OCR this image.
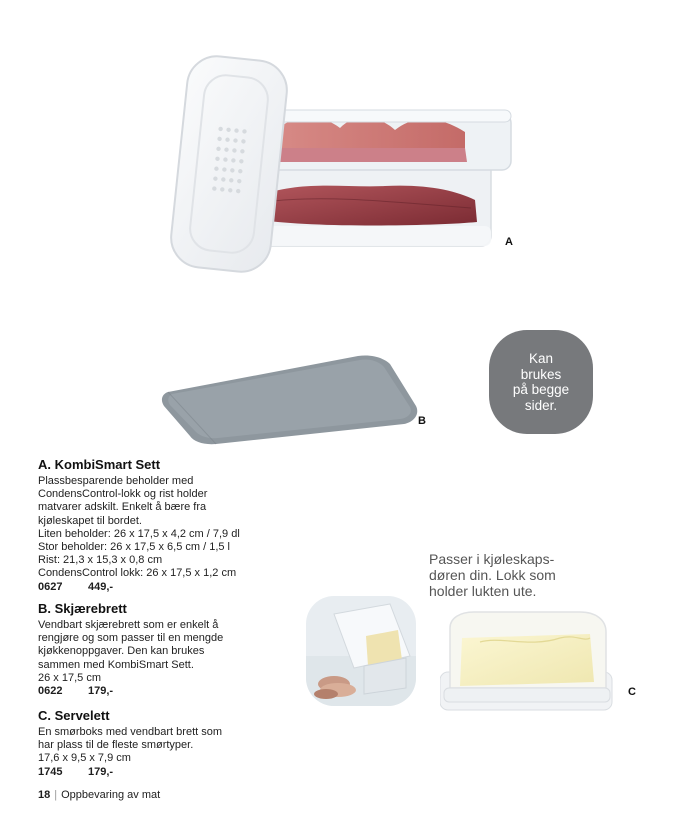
A
B
Kan
brukes
på begge
sider.
Passer i kjøleskaps-
døren din. Lokk som
holder lukten ute.
C
A. KombiSmart Sett
Plassbesparende beholder med
CondensControl-lokk og rist holder
matvarer adskilt. Enkelt å bære fra
kjøleskapet til bordet.
Liten beholder: 26 x 17,5 x 4,2 cm / 7,9 dl
Stor beholder: 26 x 17,5 x 6,5 cm / 1,5 l
Rist: 21,3 x 15,3 x 0,8 cm
CondensControl lokk: 26 x 17,5 x 1,2 cm
0627	449,-
B. Skjærebrett
Vendbart skjærebrett som er enkelt å
rengjøre og som passer til en mengde
kjøkkenoppgaver. Den kan brukes
sammen med KombiSmart Sett.
26 x 17,5 cm
0622	179,-
C. Servelett
En smørboks med vendbart brett som
har plass til de fleste smørtyper.
17,6 x 9,5 x 7,9 cm
1745	179,-
18 | Oppbevaring av mat
